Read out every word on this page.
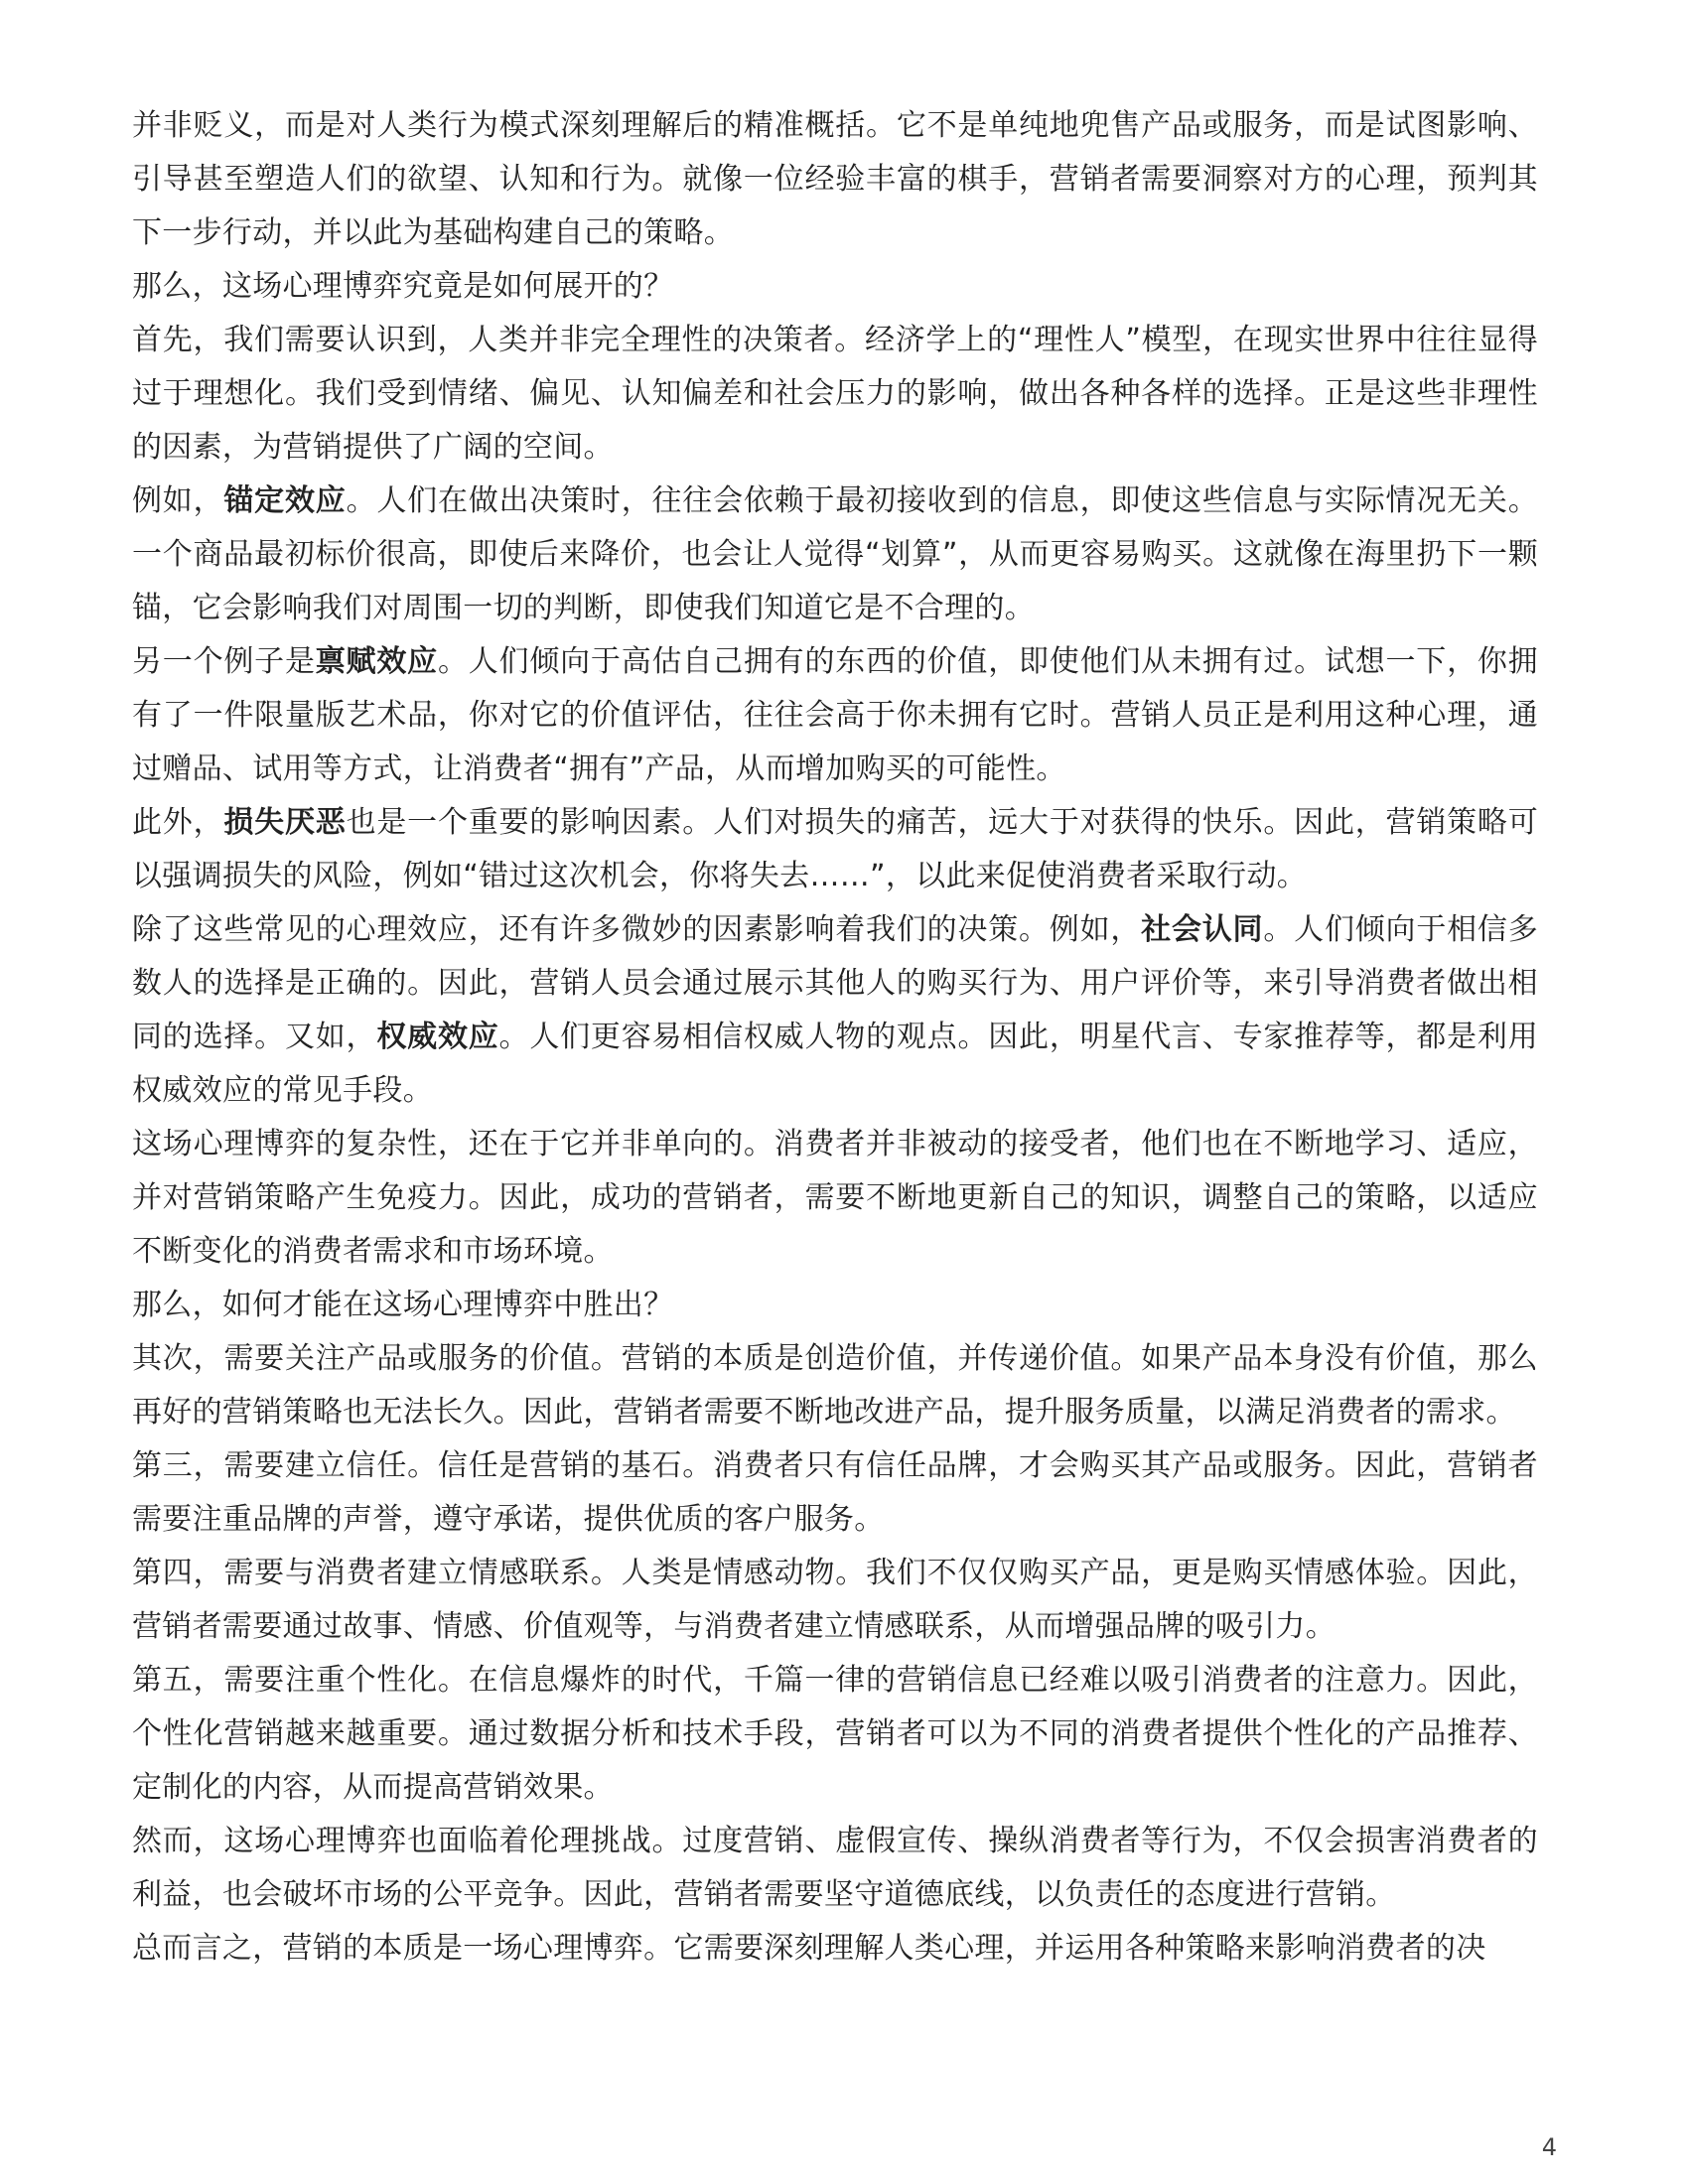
并非贬义，而是对人类行为模式深刻理解后的精准概括。它不是单纯地兜售产品或服务，而是试图影响、引导甚至塑造人们的欲望、认知和行为。就像一位经验丰富的棋手，营销者需要洞察对方的心理，预判其下一步行动，并以此为基础构建自己的策略。

那么，这场心理博弈究竟是如何展开的？

首先，我们需要认识到，人类并非完全理性的决策者。经济学上的“理性人”模型，在现实世界中往往显得过于理想化。我们受到情绪、偏见、认知偏差和社会压力的影响，做出各种各样的选择。正是这些非理性的因素，为营销提供了广阔的空间。

例如，锚定效应。人们在做出决策时，往往会依赖于最初接收到的信息，即使这些信息与实际情况无关。一个商品最初标价很高，即使后来降价，也会让人觉得“划算”，从而更容易购买。这就像在海里扔下一颗锚，它会影响我们对周围一切的判断，即使我们知道它是不合理的。

另一个例子是禀赋效应。人们倾向于高估自己拥有的东西的价值，即使他们从未拥有过。试想一下，你拥有了一件限量版艺术品，你对它的价值评估，往往会高于你未拥有它时。营销人员正是利用这种心理，通过赠品、试用等方式，让消费者“拥有”产品，从而增加购买的可能性。

此外，损失厌恶也是一个重要的影响因素。人们对损失的痛苦，远大于对获得的快乐。因此，营销策略可以强调损失的风险，例如“错过这次机会，你将失去……”，以此来促使消费者采取行动。

除了这些常见的心理效应，还有许多微妙的因素影响着我们的决策。例如，社会认同。人们倾向于相信多数人的选择是正确的。因此，营销人员会通过展示其他人的购买行为、用户评价等，来引导消费者做出相同的选择。又如，权威效应。人们更容易相信权威人物的观点。因此，明星代言、专家推荐等，都是利用权威效应的常见手段。

这场心理博弈的复杂性，还在于它并非单向的。消费者并非被动的接受者，他们也在不断地学习、适应，并对营销策略产生免疫力。因此，成功的营销者，需要不断地更新自己的知识，调整自己的策略，以适应不断变化的消费者需求和市场环境。

那么，如何才能在这场心理博弈中胜出？

其次，需要关注产品或服务的价值。营销的本质是创造价值，并传递价值。如果产品本身没有价值，那么再好的营销策略也无法长久。因此，营销者需要不断地改进产品，提升服务质量，以满足消费者的需求。

第三，需要建立信任。信任是营销的基石。消费者只有信任品牌，才会购买其产品或服务。因此，营销者需要注重品牌的声誉，遵守承诺，提供优质的客户服务。

第四，需要与消费者建立情感联系。人类是情感动物。我们不仅仅购买产品，更是购买情感体验。因此，营销者需要通过故事、情感、价值观等，与消费者建立情感联系，从而增强品牌的吸引力。

第五，需要注重个性化。在信息爆炸的时代，千篇一律的营销信息已经难以吸引消费者的注意力。因此，个性化营销越来越重要。通过数据分析和技术手段，营销者可以为不同的消费者提供个性化的产品推荐、定制化的内容，从而提高营销效果。

然而，这场心理博弈也面临着伦理挑战。过度营销、虚假宣传、操纵消费者等行为，不仅会损害消费者的利益，也会破坏市场的公平竞争。因此，营销者需要坚守道德底线，以负责任的态度进行营销。

总而言之，营销的本质是一场心理博弈。它需要深刻理解人类心理，并运用各种策略来影响消费者的决

4
